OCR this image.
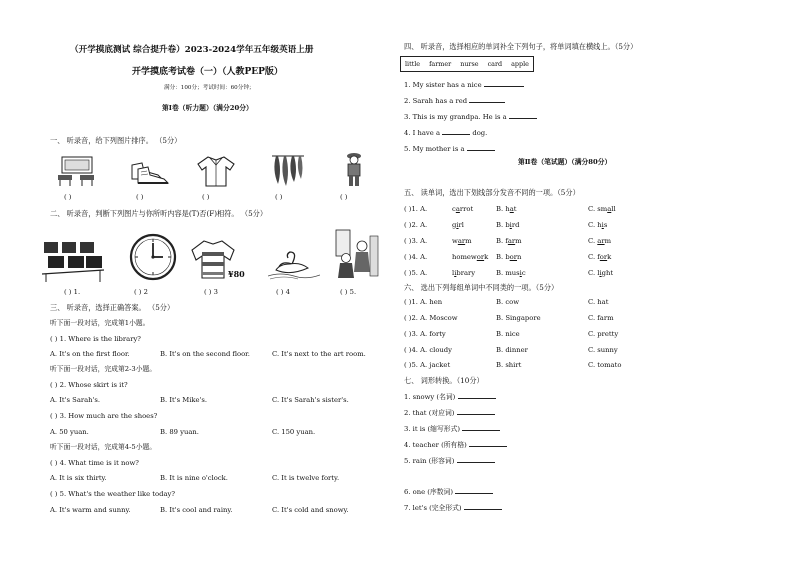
（开学摸底测试 综合提升卷）2023-2024学年五年级英语上册
开学摸底考试卷（一）（人教PEP版）
满分：100分；考试时间：60分钟；
第Ⅰ卷（听力题）（满分20分）
一、 听录音，给下列图片排序。 （5分）
( )	( )	( )	( )	( )
二、 听录音，判断下列图片与你所听内容是(T)否(F)相符。 （5分）
¥80
( ) 1.	( ) 2	( ) 3	( ) 4	( ) 5.
三、 听录音，选择正确答案。 （5分）
听下面一段对话，完成第1小题。
( ) 1. Where is the library?
A. It's on the first floor.	B. It's on the second floor.	C. It's next to the art room.
听下面一段对话，完成第2-3小题。
( ) 2. Whose skirt is it?
A. It's Sarah's.	B. It's Mike's.	C. It's Sarah's sister's.
( ) 3. How much are the shoes?
A. 50 yuan.	B. 89 yuan.	C. 150 yuan.
听下面一段对话，完成第4-5小题。
( ) 4. What time is it now?
A. It is six thirty.	B. It is nine o'clock.	C. It is twelve forty.
( ) 5. What's the weather like today?
A. It's warm and sunny.	B. It's cool and rainy.	C. It's cold and snowy.
四、 听录音，选择相应的单词补全下列句子，将单词填在横线上。（5分）
little farmer nurse card apple
1. My sister has a nice
2. Sarah has a red
3. This is my grandpa. He is a
4. I have a	dog.
5. My mother is a
第Ⅱ卷（笔试题）（满分80分）
五、 读单词，选出下划线部分发音不同的一项。（5分）
( )1. A.	carrot	B. hat	C. small
( )2. A.	girl	B. bird	C. his
( )3. A.	warm	B. farm	C. arm
( )4. A.	homework B. born	C. fork
( )5. A.	library	B. music	C. light
六、 选出下列每组单词中不同类的一项。（5分）
( )1. A. hen	B. cow	C. hat
( )2. A. Moscow	B. Singapore	C. farm
( )3. A. forty	B. nice	C. pretty
( )4. A. cloudy	B. dinner	C. sunny
( )5. A. jacket	B. shirt	C. tomato
七、 词形转换。（10分）
1. snowy (名词)
2. that (对应词)
3. it is (缩写形式)
4. teacher (所有格)
5. rain (形容词)
6. one (序数词)
7. let's (完全形式)
